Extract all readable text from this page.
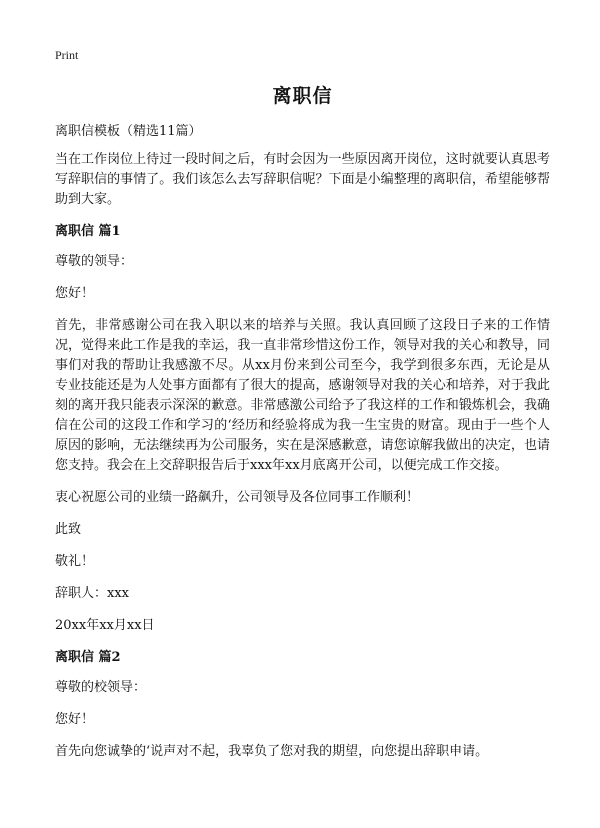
Print
离职信
离职信模板（精选11篇）

当在工作岗位上待过一段时间之后，有时会因为一些原因离开岗位，这时就要认真思考写辞职信的事情了。我们该怎么去写辞职信呢？下面是小编整理的离职信，希望能够帮助到大家。

离职信 篇1

尊敬的领导：

您好！

首先，非常感谢公司在我入职以来的培养与关照。我认真回顾了这段日子来的工作情况，觉得来此工作是我的幸运，我一直非常珍惜这份工作，领导对我的关心和教导，同事们对我的帮助让我感激不尽。从xx月份来到公司至今，我学到很多东西，无论是从专业技能还是为人处事方面都有了很大的提高，感谢领导对我的关心和培养，对于我此刻的离开我只能表示深深的歉意。非常感激公司给予了我这样的工作和锻炼机会，我确信在公司的这段工作和学习的‘经历和经验将成为我一生宝贵的财富。现由于一些个人原因的影响，无法继续再为公司服务，实在是深感歉意，请您谅解我做出的决定，也请您支持。我会在上交辞职报告后于xxx年xx月底离开公司，以便完成工作交接。

衷心祝愿公司的业绩一路飙升，公司领导及各位同事工作顺利！

此致

敬礼！

辞职人：xxx

20xx年xx月xx日

离职信 篇2

尊敬的校领导：

您好！

首先向您诚挚的‘说声对不起，我辜负了您对我的期望，向您提出辞职申请。
